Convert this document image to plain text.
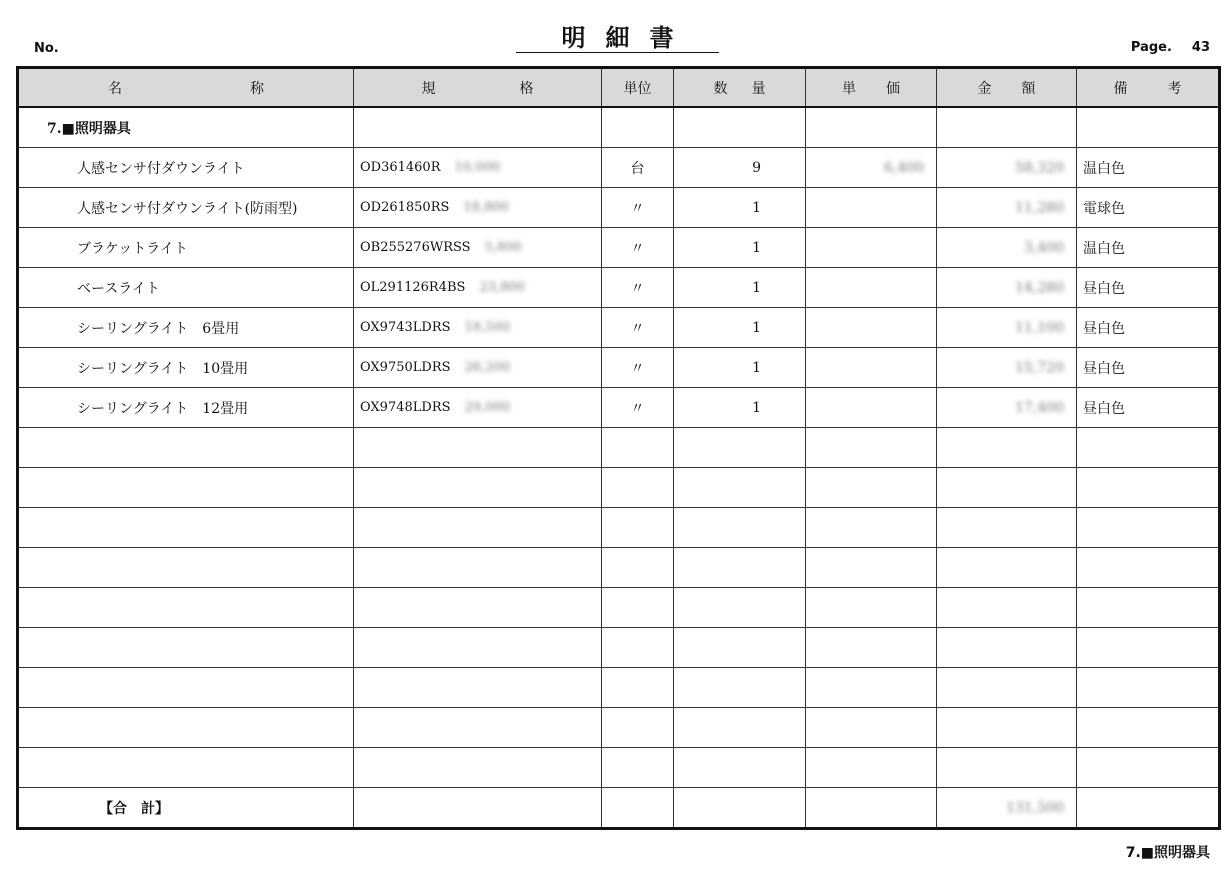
No.	明細書	Page. 43
名 称	規 格	単位	数 量	単 価	金 額	備 考
7.■照明器具						
人感センサ付ダウンライト	OD361460R 10,000	台	9	6,400	58,320	温白色
人感センサ付ダウンライト(防雨型)	OD261850RS 18,800	〃	1		11,280	電球色
ブラケットライト	OB255276WRSS 5,800	〃	1		3,400	温白色
ベースライト	OL291126R4BS 23,800	〃	1		14,280	昼白色
シーリングライト　6畳用	OX9743LDRS 18,500	〃	1		11,100	昼白色
シーリングライト　10畳用	OX9750LDRS 26,200	〃	1		15,720	昼白色
シーリングライト　12畳用	OX9748LDRS 29,000	〃	1		17,400	昼白色

【合　計】					131,500	
7.■照明器具
